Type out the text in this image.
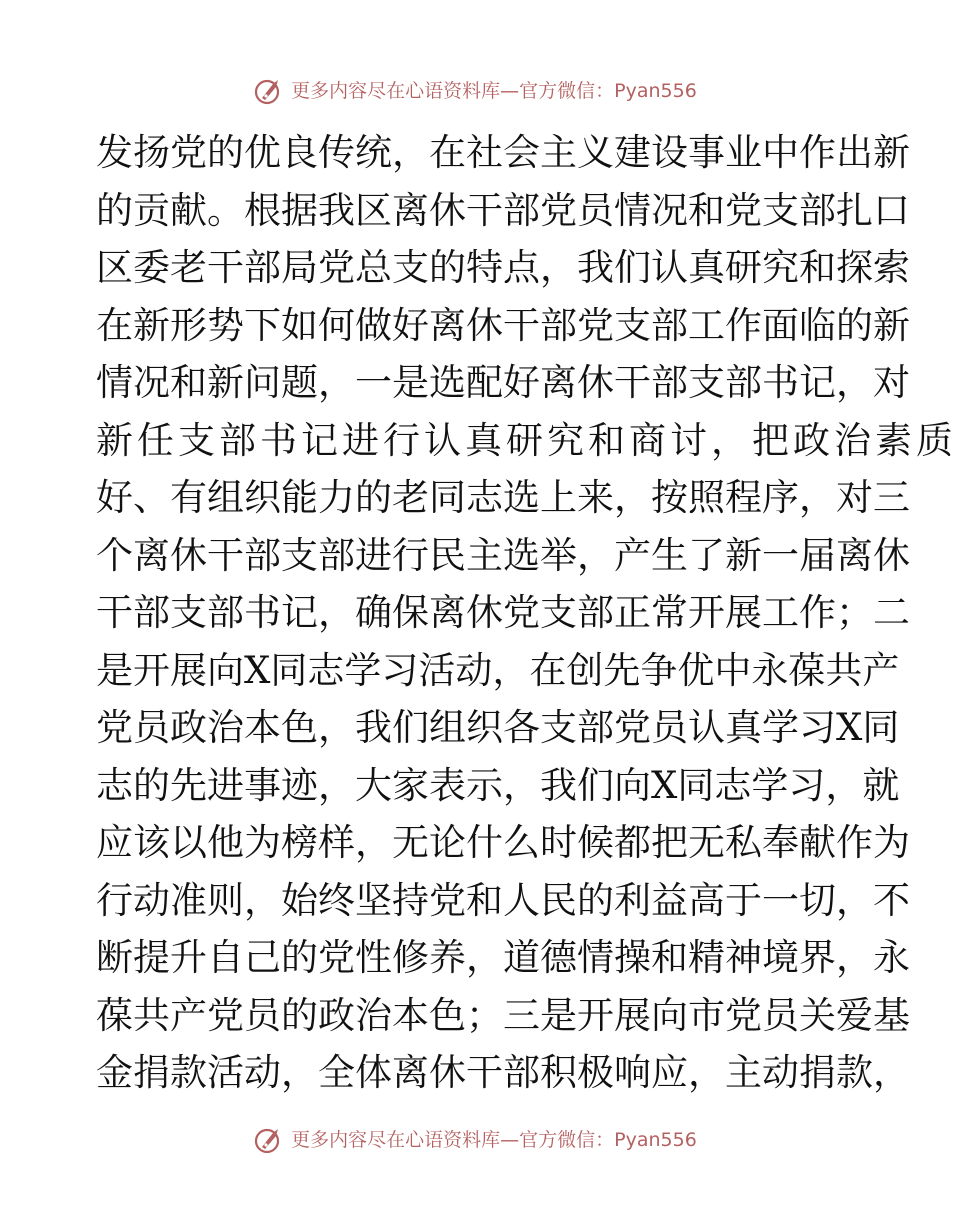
更多内容尽在心语资料库—官方微信：Pyan556
发扬党的优良传统，在社会主义建设事业中作出新
的贡献。根据我区离休干部党员情况和党支部扎口
区委老干部局党总支的特点，我们认真研究和探索
在新形势下如何做好离休干部党支部工作面临的新
情况和新问题，一是选配好离休干部支部书记，对
新任支部书记进行认真研究和商讨，把政治素质
好、有组织能力的老同志选上来，按照程序，对三
个离休干部支部进行民主选举，产生了新一届离休
干部支部书记，确保离休党支部正常开展工作；二
是开展向X同志学习活动，在创先争优中永葆共产
党员政治本色，我们组织各支部党员认真学习X同
志的先进事迹，大家表示，我们向X同志学习，就
应该以他为榜样，无论什么时候都把无私奉献作为
行动准则，始终坚持党和人民的利益高于一切，不
断提升自己的党性修养，道德情操和精神境界，永
葆共产党员的政治本色；三是开展向市党员关爱基
金捐款活动，全体离休干部积极响应，主动捐款，
更多内容尽在心语资料库—官方微信：Pyan556
